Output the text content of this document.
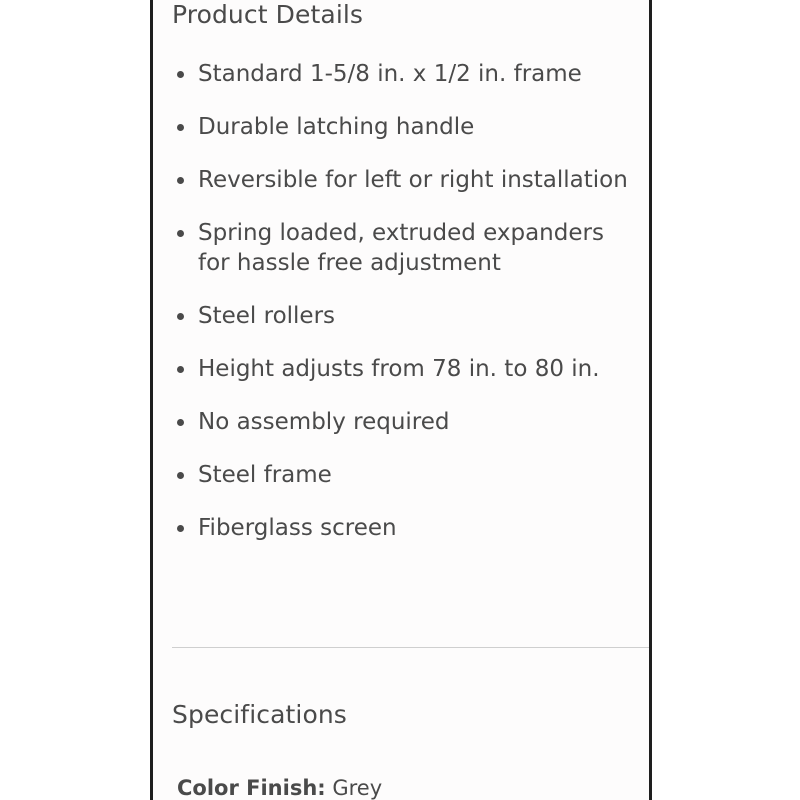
Product Details
Standard 1-5/8 in. x 1/2 in. frame
Durable latching handle
Reversible for left or right installation
Spring loaded, extruded expanders for hassle free adjustment
Steel rollers
Height adjusts from 78 in. to 80 in.
No assembly required
Steel frame
Fiberglass screen
Specifications
Color Finish: Grey
